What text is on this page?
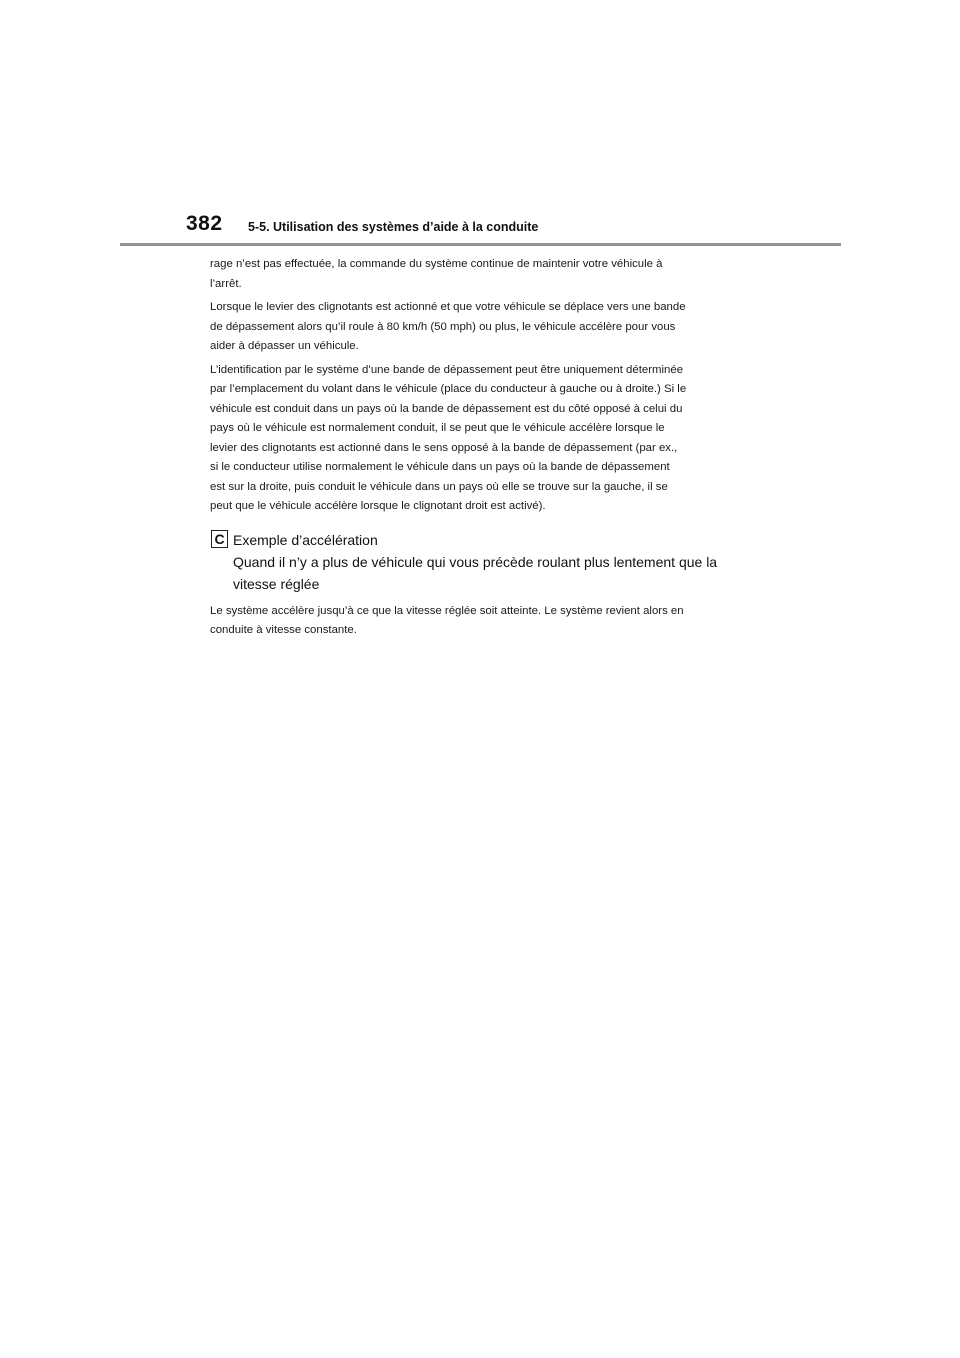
382 5-5. Utilisation des systèmes d’aide à la conduite

rage n’est pas effectuée, la commande du système continue de maintenir votre véhicule à
l’arrêt.

Lorsque le levier des clignotants est actionné et que votre véhicule se déplace vers une bande
de dépassement alors qu’il roule à 80 km/h (50 mph) ou plus, le véhicule accélère pour vous
aider à dépasser un véhicule.

L’identification par le système d’une bande de dépassement peut être uniquement déterminée
par l’emplacement du volant dans le véhicule (place du conducteur à gauche ou à droite.) Si le
véhicule est conduit dans un pays où la bande de dépassement est du côté opposé à celui du
pays où le véhicule est normalement conduit, il se peut que le véhicule accélère lorsque le
levier des clignotants est actionné dans le sens opposé à la bande de dépassement (par ex.,
si le conducteur utilise normalement le véhicule dans un pays où la bande de dépassement
est sur la droite, puis conduit le véhicule dans un pays où elle se trouve sur la gauche, il se
peut que le véhicule accélère lorsque le clignotant droit est activé).

C Exemple d’accélération
Quand il n’y a plus de véhicule qui vous précède roulant plus lentement que la
vitesse réglée

Le système accélère jusqu’à ce que la vitesse réglée soit atteinte. Le système revient alors en
conduite à vitesse constante.
